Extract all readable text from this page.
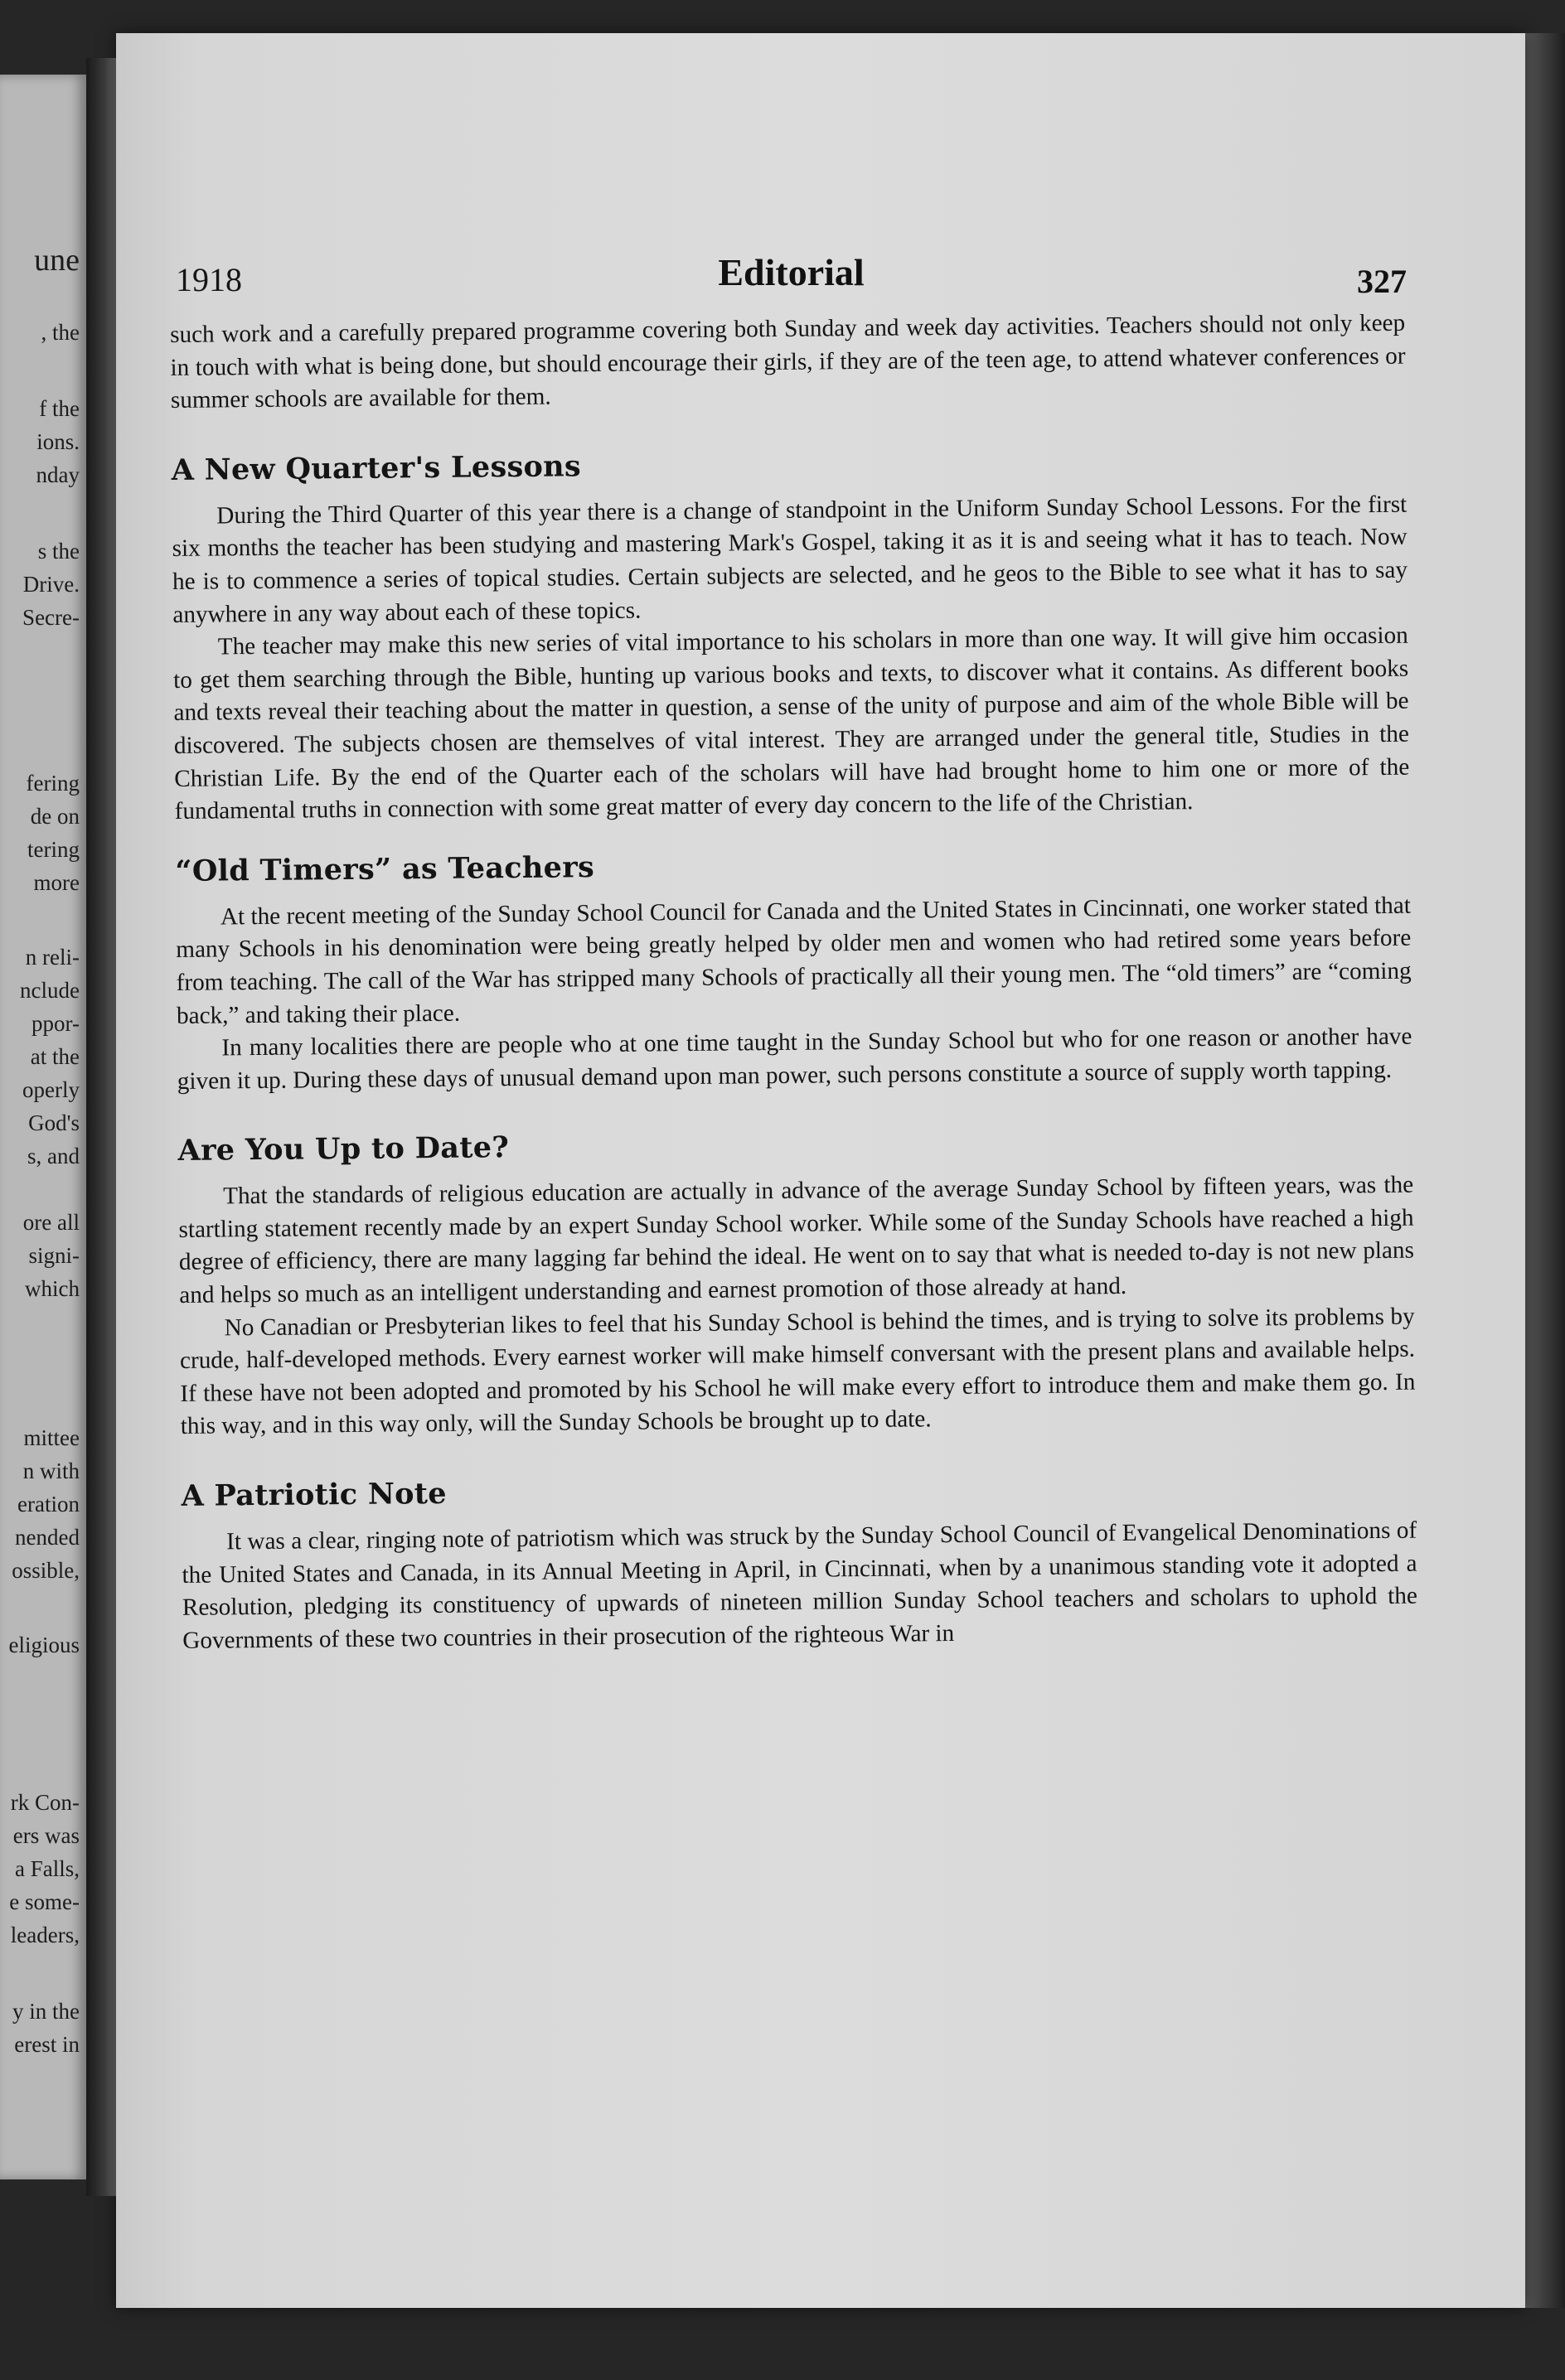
une
, the
f the
ions.
nday
s the
Drive.
Secre-
fering
de on
tering
more
n reli-
nclude
ppor-
at the
operly
God's
s, and
ore all
signi-
which
mittee
n with
eration
nended
ossible,
eligious
rk Con-
ers was
a Falls,
e some-
leaders,
y in the
erest in
1918	Editorial	327

such work and a carefully prepared programme covering both Sunday and week day activities. Teachers should not only keep in touch with what is being done, but should encourage their girls, if they are of the teen age, to attend whatever conferences or summer schools are available for them.

A New Quarter's Lessons

During the Third Quarter of this year there is a change of standpoint in the Uniform Sunday School Lessons. For the first six months the teacher has been studying and mastering Mark's Gospel, taking it as it is and seeing what it has to teach. Now he is to commence a series of topical studies. Certain subjects are selected, and he geos to the Bible to see what it has to say anywhere in any way about each of these topics.

The teacher may make this new series of vital importance to his scholars in more than one way. It will give him occasion to get them searching through the Bible, hunting up various books and texts, to discover what it contains. As different books and texts reveal their teaching about the matter in question, a sense of the unity of purpose and aim of the whole Bible will be discovered. The subjects chosen are themselves of vital interest. They are arranged under the general title, Studies in the Christian Life. By the end of the Quarter each of the scholars will have had brought home to him one or more of the fundamental truths in connection with some great matter of every day concern to the life of the Christian.

“Old Timers” as Teachers

At the recent meeting of the Sunday School Council for Canada and the United States in Cincinnati, one worker stated that many Schools in his denomination were being greatly helped by older men and women who had retired some years before from teaching. The call of the War has stripped many Schools of practically all their young men. The “old timers” are “coming back,” and taking their place.

In many localities there are people who at one time taught in the Sunday School but who for one reason or another have given it up. During these days of unusual demand upon man power, such persons constitute a source of supply worth tapping.

Are You Up to Date?

That the standards of religious education are actually in advance of the average Sunday School by fifteen years, was the startling statement recently made by an expert Sunday School worker. While some of the Sunday Schools have reached a high degree of efficiency, there are many lagging far behind the ideal. He went on to say that what is needed to-day is not new plans and helps so much as an intelligent understanding and earnest promotion of those already at hand.

No Canadian or Presbyterian likes to feel that his Sunday School is behind the times, and is trying to solve its problems by crude, half-developed methods. Every earnest worker will make himself conversant with the present plans and available helps. If these have not been adopted and promoted by his School he will make every effort to introduce them and make them go. In this way, and in this way only, will the Sunday Schools be brought up to date.

A Patriotic Note

It was a clear, ringing note of patriotism which was struck by the Sunday School Council of Evangelical Denominations of the United States and Canada, in its Annual Meeting in April, in Cincinnati, when by a unanimous standing vote it adopted a Resolution, pledging its constituency of upwards of nineteen million Sunday School teachers and scholars to uphold the Governments of these two countries in their prosecution of the righteous War in
